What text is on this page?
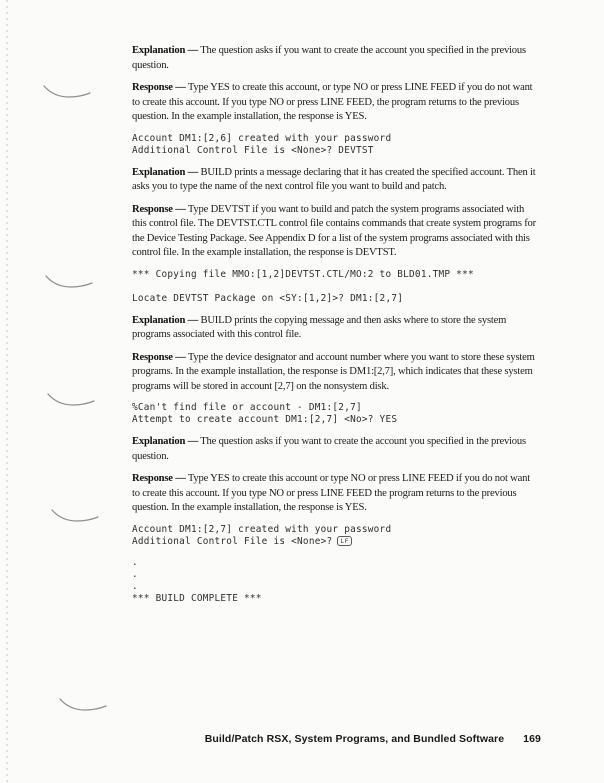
Explanation — The question asks if you want to create the account you specified in the previous question.

Response — Type YES to create this account, or type NO or press LINE FEED if you do not want to create this account. If you type NO or press LINE FEED, the program returns to the previous question. In the example installation, the response is YES.

Account DM1:[2,6] created with your password
Additional Control File is <None>? DEVTST

Explanation — BUILD prints a message declaring that it has created the specified account. Then it asks you to type the name of the next control file you want to build and patch.

Response — Type DEVTST if you want to build and patch the system programs associated with this control file. The DEVTST.CTL control file contains commands that create system programs for the Device Testing Package. See Appendix D for a list of the system programs associated with this control file. In the example installation, the response is DEVTST.

*** Copying file MMO:[1,2]DEVTST.CTL/MO:2 to BLD01.TMP ***
Locate DEVTST Package on <SY:[1,2]>? DM1:[2,7]

Explanation — BUILD prints the copying message and then asks where to store the system programs associated with this control file.

Response — Type the device designator and account number where you want to store these system programs. In the example installation, the response is DM1:[2,7], which indicates that these system programs will be stored in account [2,7] on the nonsystem disk.

%Can't find file or account - DM1:[2,7]
Attempt to create account DM1:[2,7] <No>? YES

Explanation — The question asks if you want to create the account you specified in the previous question.

Response — Type YES to create this account or type NO or press LINE FEED if you do not want to create this account. If you type NO or press LINE FEED the program returns to the previous question. In the example installation, the response is YES.

Account DM1:[2,7] created with your password
Additional Control File is <None>? LF
.
.
.
*** BUILD COMPLETE ***
Build/Patch RSX, System Programs, and Bundled Software 169
